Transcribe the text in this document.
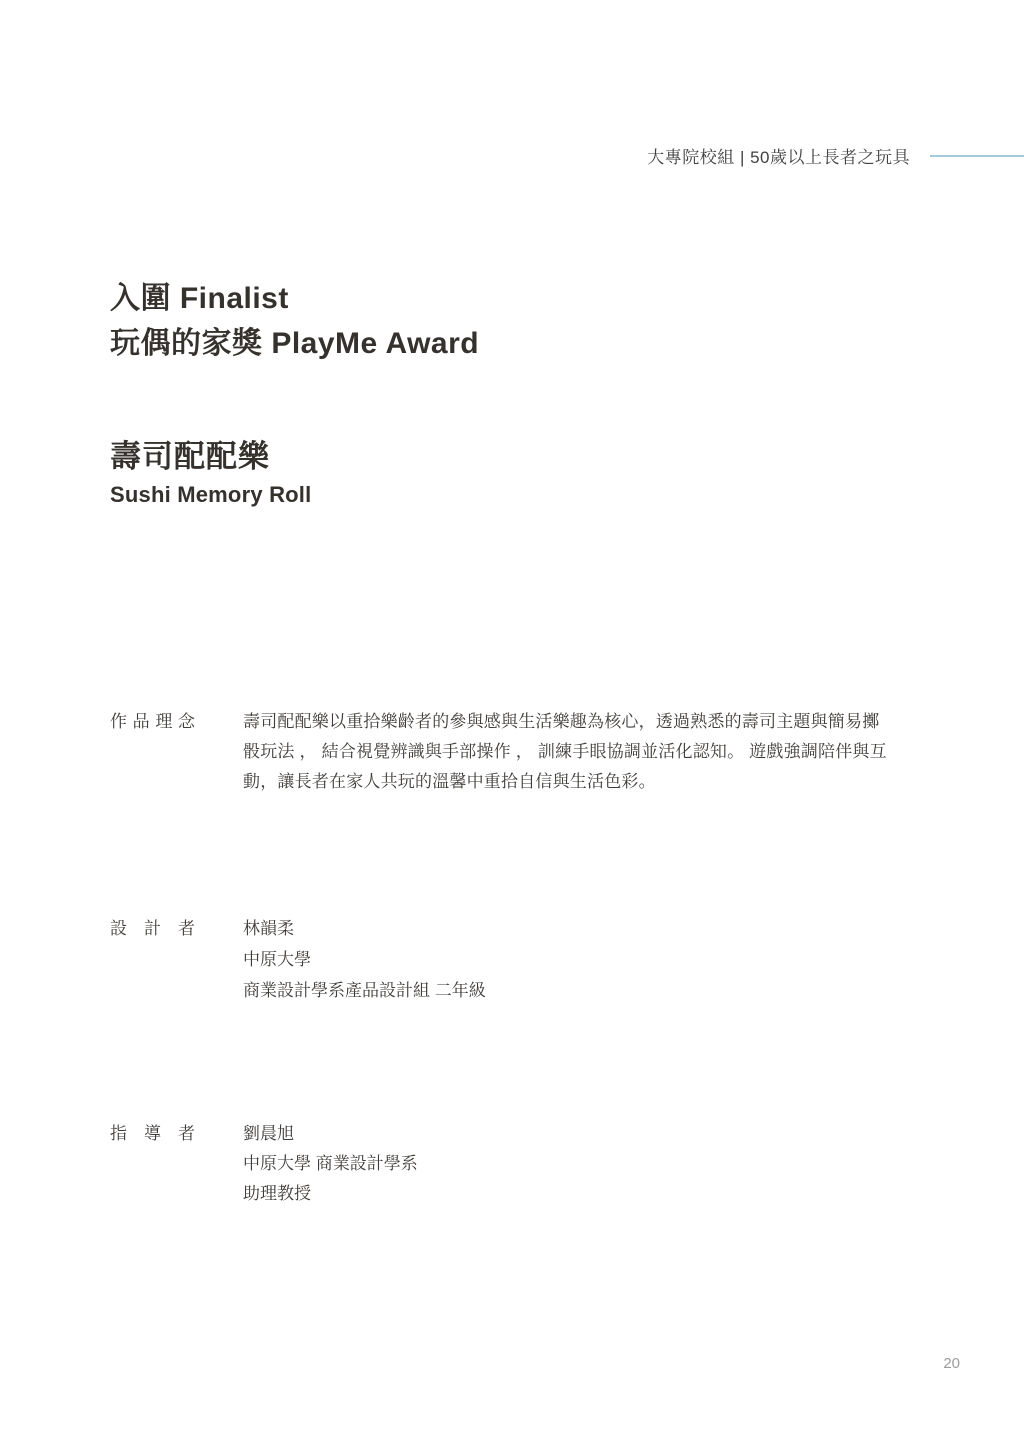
大專院校組 | 50歲以上長者之玩具
入圍 Finalist
玩偶的家獎 PlayMe Award
壽司配配樂
Sushi Memory Roll
作 品 理 念	壽司配配樂以重拾樂齡者的參與感與生活樂趣為核心，透過熟悉的壽司主題與簡易擲
骰玩法 ， 結合視覺辨識與手部操作 ， 訓練手眼協調並活化認知。 遊戲強調陪伴與互
動，讓長者在家人共玩的溫馨中重拾自信與生活色彩。
設 計 者	林韻柔
中原大學
商業設計學系產品設計組 二年級
指 導 者	劉晨旭
中原大學 商業設計學系
助理教授
20
